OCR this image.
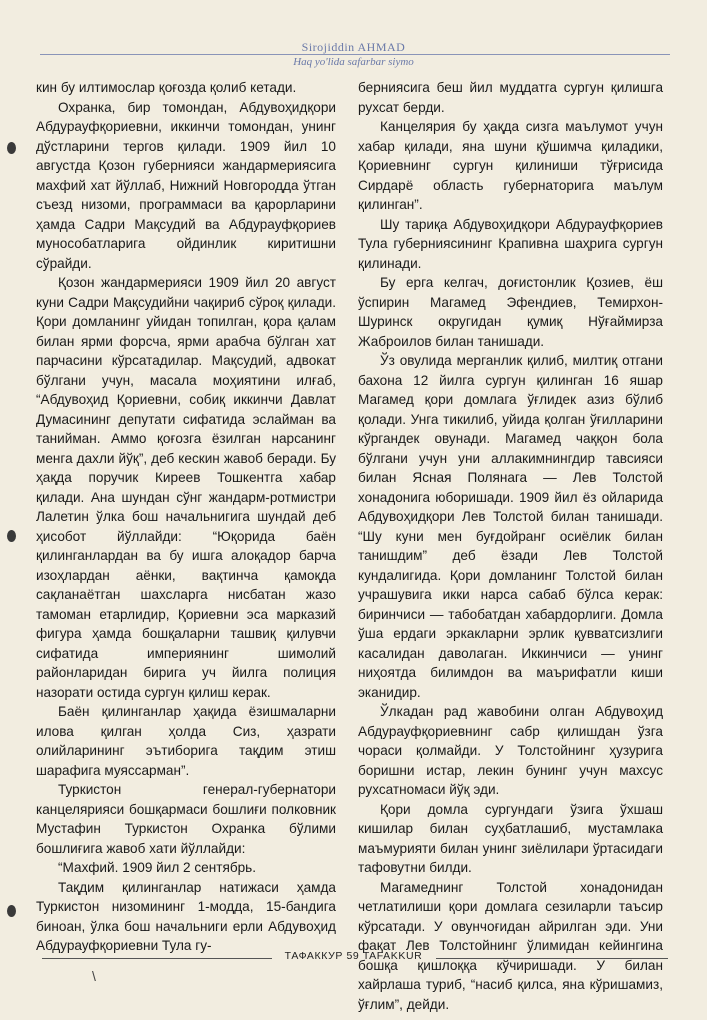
Sirojiddin AHMAD
Haq yo'lida safarbar siymo

кин бу илтимослар қоғозда қолиб кетади.

Охранка, бир томондан, Абдувоҳидқори Абдурауфқориевни, иккинчи томондан, унинг дўстларини тергов қилади. 1909 йил 10 августда Қозон губернияси жандармериясига махфий хат йўллаб, Нижний Новгородда ўтган съезд низоми, программаси ва қарорларини ҳамда Садри Мақсудий ва Абдурауфқориев мунособатларига ойдинлик киритишни сўрайди.

Қозон жандармерияси 1909 йил 20 август куни Садри Мақсудийни чақириб сўроқ қилади. Қори домланинг уйидан топилган, қора қалам билан ярми форсча, ярми арабча бўлган хат парчасини кўрсатадилар. Мақсудий, адвокат бўлгани учун, масала моҳиятини илғаб, “Абдувоҳид Қориевни, собиқ иккинчи Давлат Думасининг депутати сифатида эслайман ва танийман. Аммо қоғозга ёзилган нарсанинг менга дахли йўқ”, деб кескин жавоб беради. Бу ҳақда поручик Киреев Тошкентга хабар қилади. Ана шундан сўнг жандарм-ротмистри Лалетин ўлка бош начальнигига шундай деб ҳисобот йўллайди: “Юқорида баён қилинганлардан ва бу ишга алоқадор барча изоҳлардан аёнки, вақтинча қамоқда сақланаётган шахсларга нисбатан жазо тамоман етарлидир, Қориевни эса марказий фигура ҳамда бошқаларни ташвиқ қилувчи сифатида империянинг шимолий районларидан бирига уч йилга полиция назорати остида сургун қилиш керак.

Баён қилинганлар ҳақида ёзишмаларни илова қилган ҳолда Сиз, ҳазрати олийларининг эътиборига тақдим этиш шарафига муяссарман”.

Туркистон генерал-губернатори канцелярияси бошқармаси бошлиғи полковник Мустафин Туркистон Охранка бўлими бошлиғига жавоб хати йўллайди:

“Махфий. 1909 йил 2 сентябрь.

Тақдим қилинганлар натижаси ҳамда Туркистон низомининг 1-модда, 15-бандига биноан, ўлка бош начальниги ерли Абдувоҳид Абдурауфқориевни Тула гу-

берниясига беш йил муддатга сургун қилишга рухсат берди.

Канцелярия бу ҳақда сизга маълумот учун хабар қилади, яна шуни қўшимча қиладики, Қориевнинг сургун қилиниши тўғрисида Сирдарё область губернаторига маълум қилинган”.

Шу тариқа Абдувоҳидқори Абдурауфқориев Тула губерниясининг Крапивна шаҳрига сургун қилинади.

Бу ерга келгач, доғистонлик Қозиев, ёш ўспирин Магамед Эфендиев, Темирхон-Шуринск округидан қумиқ Нўғаймирза Жаброилов билан танишади.

Ўз овулида мерганлик қилиб, милтиқ отгани бахона 12 йилга сургун қилинган 16 яшар Магамед қори домлага ўғлидек азиз бўлиб қолади. Унга тикилиб, уйида қолган ўғилларини кўргандек овунади. Магамед чаққон бола бўлгани учун уни аллакимнингдир тавсияси билан Ясная Полянага — Лев Толстой хонадонига юборишади. 1909 йил ёз ойларида Абдувоҳидқори Лев Толстой билан танишади. “Шу куни мен буғдойранг осиёлик билан танишдим” деб ёзади Лев Толстой кундалигида. Қори домланинг Толстой билан учрашувига икки нарса сабаб бўлса керак: биринчиси — табобатдан хабардорлиги. Домла ўша ердаги эркакларни эрлик қувватсизлиги касалидан даволаган. Иккинчиси — унинг ниҳоятда билимдон ва маърифатли киши эканидир.

Ўлкадан рад жавобини олган Абдувоҳид Абдурауфқориевнинг сабр қилишдан ўзга чораси қолмайди. У Толстойнинг ҳузурига боришни истар, лекин бунинг учун махсус рухсатномаси йўқ эди.

Қори домла сургундаги ўзига ўхшаш кишилар билан суҳбатлашиб, мустамлака маъмурияти билан унинг зиёлилари ўртасидаги тафовутни билди.

Магамеднинг Толстой хонадонидан четлатилиши қори домлага сезиларли таъсир кўрсатади. У овунчоғидан айрилган эди. Уни фақат Лев Толстойнинг ўлимидан кейингина бошқа қишлоққа кўчиришади. У билан хайрлаша туриб, “насиб қилса, яна кўришамиз, ўғлим”, дейди.

ТАФАККУР 59 TAFAKKUR
\
